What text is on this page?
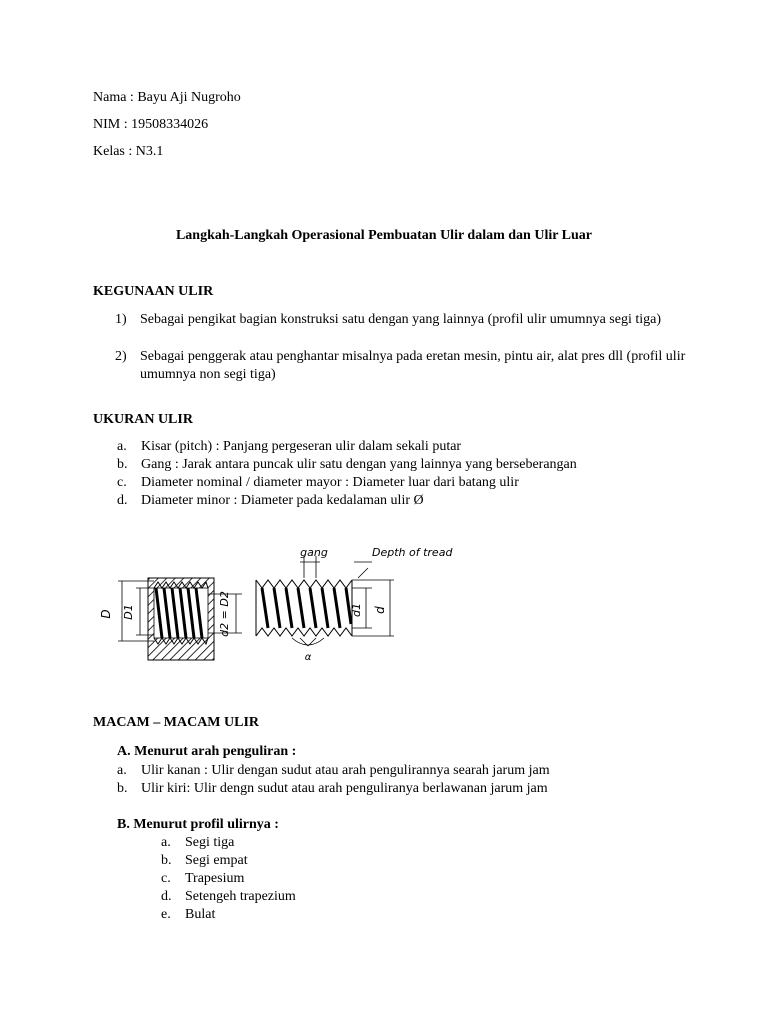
Nama : Bayu Aji Nugroho
NIM : 19508334026
Kelas : N3.1
Langkah-Langkah Operasional Pembuatan Ulir dalam dan Ulir Luar
KEGUNAAN ULIR
1) Sebagai pengikat bagian konstruksi satu dengan yang lainnya (profil ulir umumnya segi tiga)
2) Sebagai penggerak atau penghantar misalnya pada eretan mesin, pintu air, alat pres dll (profil ulir umumnya non segi tiga)
UKURAN ULIR
a. Kisar (pitch) : Panjang pergeseran ulir dalam sekali putar
b. Gang : Jarak antara puncak ulir satu dengan yang lainnya yang berseberangan
c. Diameter nominal / diameter mayor : Diameter luar dari batang ulir
d. Diameter minor : Diameter pada kedalaman ulir Ø
D D1	d2 = D2
gang	Depth of tread
d1 d
α
MACAM – MACAM ULIR
A. Menurut arah penguliran :
a. Ulir kanan : Ulir dengan sudut atau arah pengulirannya searah jarum jam
b. Ulir kiri: Ulir dengn sudut atau arah penguliranya berlawanan jarum jam
B. Menurut profil ulirnya :
a. Segi tiga
b. Segi empat
c. Trapesium
d. Setengeh trapezium
e. Bulat
